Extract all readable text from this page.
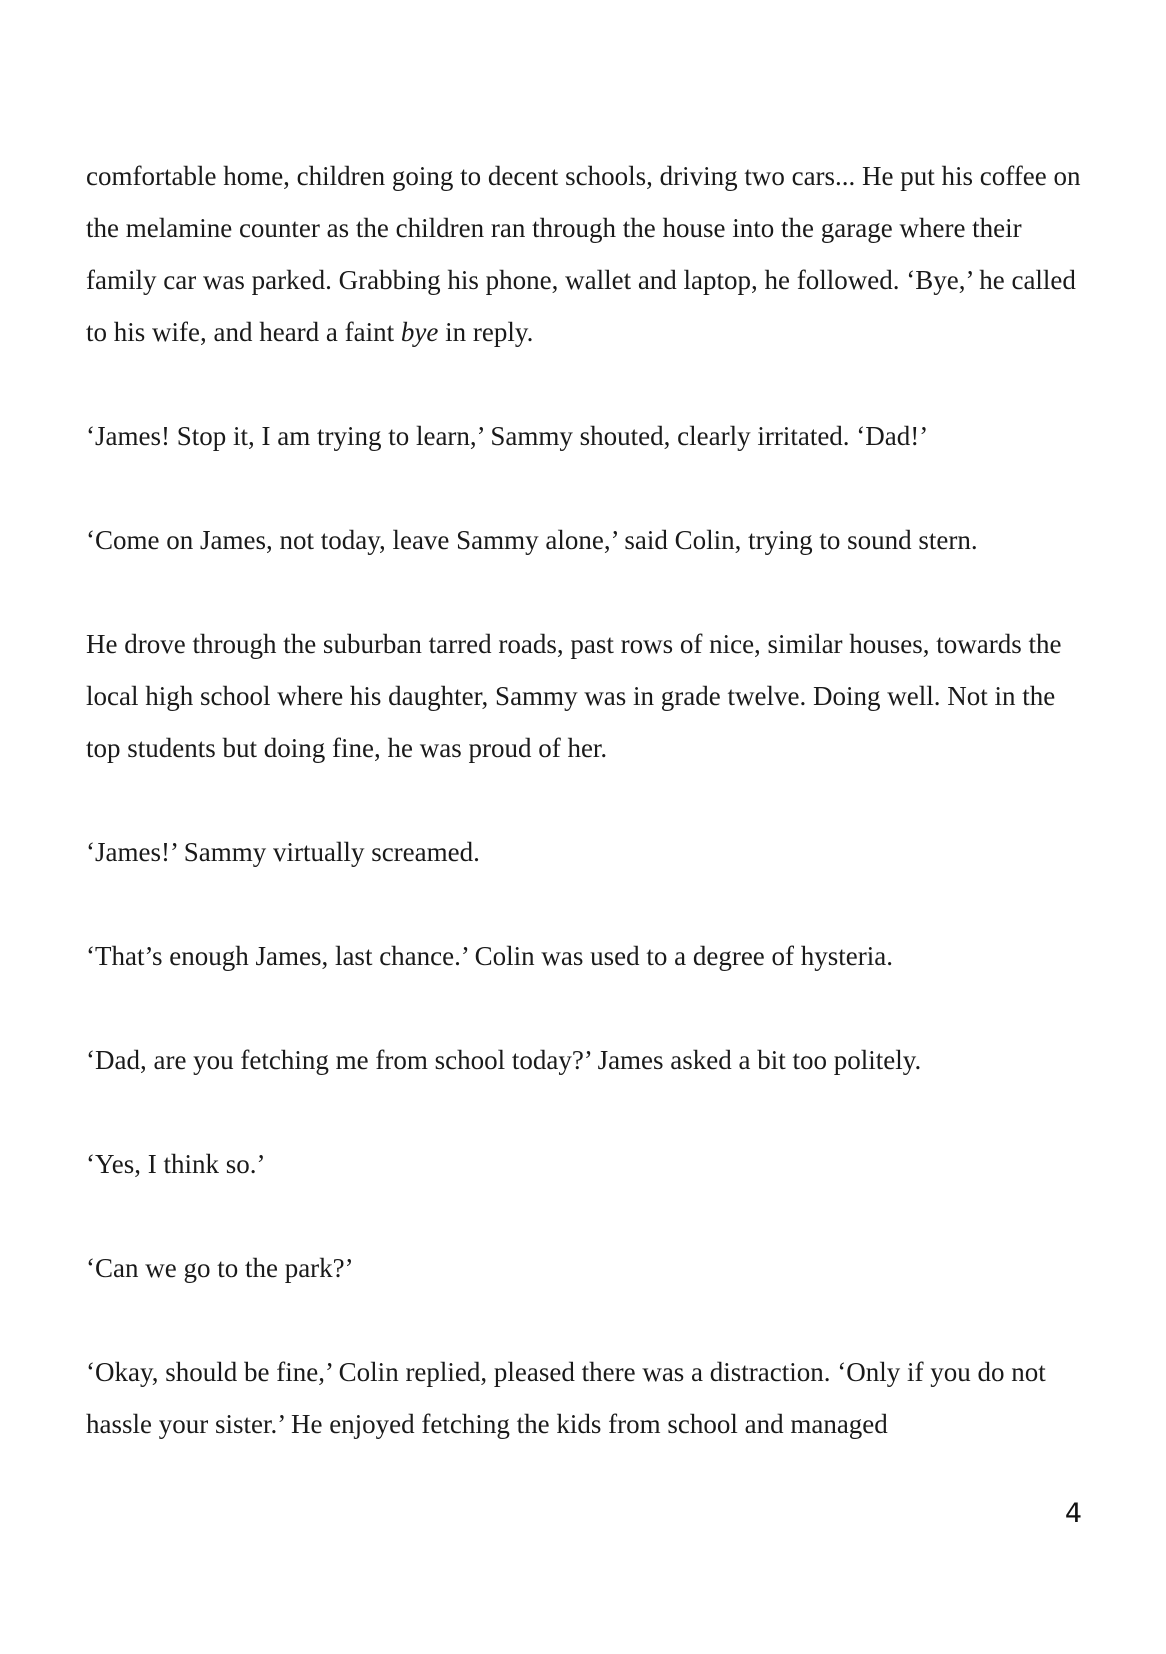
comfortable home, children going to decent schools, driving two cars... He put his coffee on the melamine counter as the children ran through the house into the garage where their family car was parked. Grabbing his phone, wallet and laptop, he followed. ‘Bye,’ he called to his wife, and heard a faint bye in reply.

‘James! Stop it, I am trying to learn,’ Sammy shouted, clearly irritated. ‘Dad!’

‘Come on James, not today, leave Sammy alone,’ said Colin, trying to sound stern.

He drove through the suburban tarred roads, past rows of nice, similar houses, towards the local high school where his daughter, Sammy was in grade twelve. Doing well. Not in the top students but doing fine, he was proud of her.

‘James!’ Sammy virtually screamed.

‘That’s enough James, last chance.’ Colin was used to a degree of hysteria.

‘Dad, are you fetching me from school today?’ James asked a bit too politely.

‘Yes, I think so.’

‘Can we go to the park?’

‘Okay, should be fine,’ Colin replied, pleased there was a distraction. ‘Only if you do not hassle your sister.’ He enjoyed fetching the kids from school and managed

4
